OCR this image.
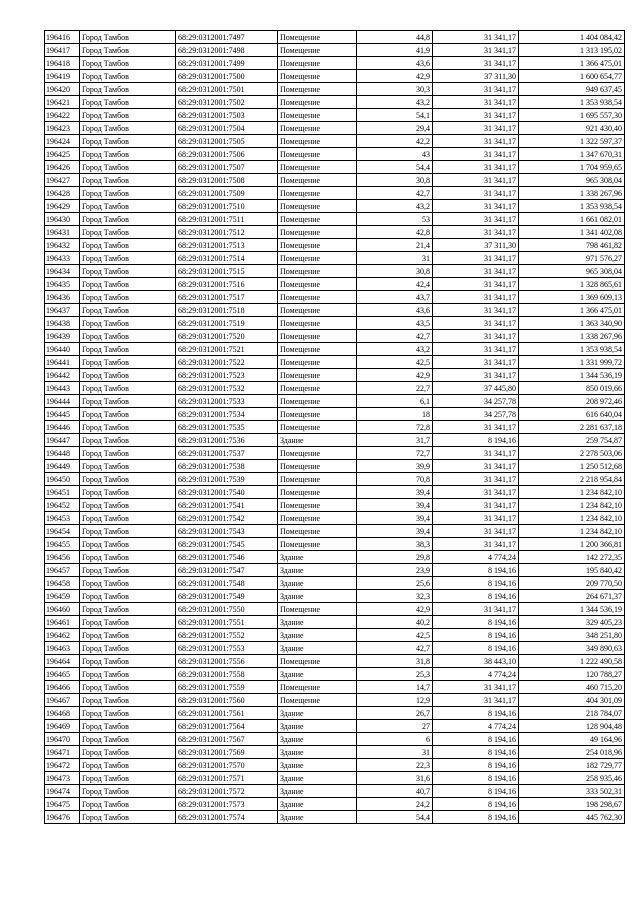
196416	Город Тамбов	68:29:0312001:7497	Помещение	44,8	31 341,17	1 404 084,42
196417	Город Тамбов	68:29:0312001:7498	Помещение	41,9	31 341,17	1 313 195,02
196418	Город Тамбов	68:29:0312001:7499	Помещение	43,6	31 341,17	1 366 475,01
196419	Город Тамбов	68:29:0312001:7500	Помещение	42,9	37 311,30	1 600 654,77
196420	Город Тамбов	68:29:0312001:7501	Помещение	30,3	31 341,17	949 637,45
196421	Город Тамбов	68:29:0312001:7502	Помещение	43,2	31 341,17	1 353 938,54
196422	Город Тамбов	68:29:0312001:7503	Помещение	54,1	31 341,17	1 695 557,30
196423	Город Тамбов	68:29:0312001:7504	Помещение	29,4	31 341,17	921 430,40
196424	Город Тамбов	68:29:0312001:7505	Помещение	42,2	31 341,17	1 322 597,37
196425	Город Тамбов	68:29:0312001:7506	Помещение	43	31 341,17	1 347 670,31
196426	Город Тамбов	68:29:0312001:7507	Помещение	54,4	31 341,17	1 704 959,65
196427	Город Тамбов	68:29:0312001:7508	Помещение	30,8	31 341,17	965 308,04
196428	Город Тамбов	68:29:0312001:7509	Помещение	42,7	31 341,17	1 338 267,96
196429	Город Тамбов	68:29:0312001:7510	Помещение	43,2	31 341,17	1 353 938,54
196430	Город Тамбов	68:29:0312001:7511	Помещение	53	31 341,17	1 661 082,01
196431	Город Тамбов	68:29:0312001:7512	Помещение	42,8	31 341,17	1 341 402,08
196432	Город Тамбов	68:29:0312001:7513	Помещение	21,4	37 311,30	798 461,82
196433	Город Тамбов	68:29:0312001:7514	Помещение	31	31 341,17	971 576,27
196434	Город Тамбов	68:29:0312001:7515	Помещение	30,8	31 341,17	965 308,04
196435	Город Тамбов	68:29:0312001:7516	Помещение	42,4	31 341,17	1 328 865,61
196436	Город Тамбов	68:29:0312001:7517	Помещение	43,7	31 341,17	1 369 609,13
196437	Город Тамбов	68:29:0312001:7518	Помещение	43,6	31 341,17	1 366 475,01
196438	Город Тамбов	68:29:0312001:7519	Помещение	43,5	31 341,17	1 363 340,90
196439	Город Тамбов	68:29:0312001:7520	Помещение	42,7	31 341,17	1 338 267,96
196440	Город Тамбов	68:29:0312001:7521	Помещение	43,2	31 341,17	1 353 938,54
196441	Город Тамбов	68:29:0312001:7522	Помещение	42,5	31 341,17	1 331 999,72
196442	Город Тамбов	68:29:0312001:7523	Помещение	42,9	31 341,17	1 344 536,19
196443	Город Тамбов	68:29:0312001:7532	Помещение	22,7	37 445,80	850 019,66
196444	Город Тамбов	68:29:0312001:7533	Помещение	6,1	34 257,78	208 972,46
196445	Город Тамбов	68:29:0312001:7534	Помещение	18	34 257,78	616 640,04
196446	Город Тамбов	68:29:0312001:7535	Помещение	72,8	31 341,17	2 281 637,18
196447	Город Тамбов	68:29:0312001:7536	Здание	31,7	8 194,16	259 754,87
196448	Город Тамбов	68:29:0312001:7537	Помещение	72,7	31 341,17	2 278 503,06
196449	Город Тамбов	68:29:0312001:7538	Помещение	39,9	31 341,17	1 250 512,68
196450	Город Тамбов	68:29:0312001:7539	Помещение	70,8	31 341,17	2 218 954,84
196451	Город Тамбов	68:29:0312001:7540	Помещение	39,4	31 341,17	1 234 842,10
196452	Город Тамбов	68:29:0312001:7541	Помещение	39,4	31 341,17	1 234 842,10
196453	Город Тамбов	68:29:0312001:7542	Помещение	39,4	31 341,17	1 234 842,10
196454	Город Тамбов	68:29:0312001:7543	Помещение	39,4	31 341,17	1 234 842,10
196455	Город Тамбов	68:29:0312001:7545	Помещение	38,3	31 341,17	1 200 366,81
196456	Город Тамбов	68:29:0312001:7546	Здание	29,8	4 774,24	142 272,35
196457	Город Тамбов	68:29:0312001:7547	Здание	23,9	8 194,16	195 840,42
196458	Город Тамбов	68:29:0312001:7548	Здание	25,6	8 194,16	209 770,50
196459	Город Тамбов	68:29:0312001:7549	Здание	32,3	8 194,16	264 671,37
196460	Город Тамбов	68:29:0312001:7550	Помещение	42,9	31 341,17	1 344 536,19
196461	Город Тамбов	68:29:0312001:7551	Здание	40,2	8 194,16	329 405,23
196462	Город Тамбов	68:29:0312001:7552	Здание	42,5	8 194,16	348 251,80
196463	Город Тамбов	68:29:0312001:7553	Здание	42,7	8 194,16	349 890,63
196464	Город Тамбов	68:29:0312001:7556	Помещение	31,8	38 443,10	1 222 490,58
196465	Город Тамбов	68:29:0312001:7558	Здание	25,3	4 774,24	120 788,27
196466	Город Тамбов	68:29:0312001:7559	Помещение	14,7	31 341,17	460 715,20
196467	Город Тамбов	68:29:0312001:7560	Помещение	12,9	31 341,17	404 301,09
196468	Город Тамбов	68:29:0312001:7561	Здание	26,7	8 194,16	218 784,07
196469	Город Тамбов	68:29:0312001:7564	Здание	27	4 774,24	128 904,48
196470	Город Тамбов	68:29:0312001:7567	Здание	6	8 194,16	49 164,96
196471	Город Тамбов	68:29:0312001:7569	Здание	31	8 194,16	254 018,96
196472	Город Тамбов	68:29:0312001:7570	Здание	22,3	8 194,16	182 729,77
196473	Город Тамбов	68:29:0312001:7571	Здание	31,6	8 194,16	258 935,46
196474	Город Тамбов	68:29:0312001:7572	Здание	40,7	8 194,16	333 502,31
196475	Город Тамбов	68:29:0312001:7573	Здание	24,2	8 194,16	198 298,67
196476	Город Тамбов	68:29:0312001:7574	Здание	54,4	8 194,16	445 762,30
